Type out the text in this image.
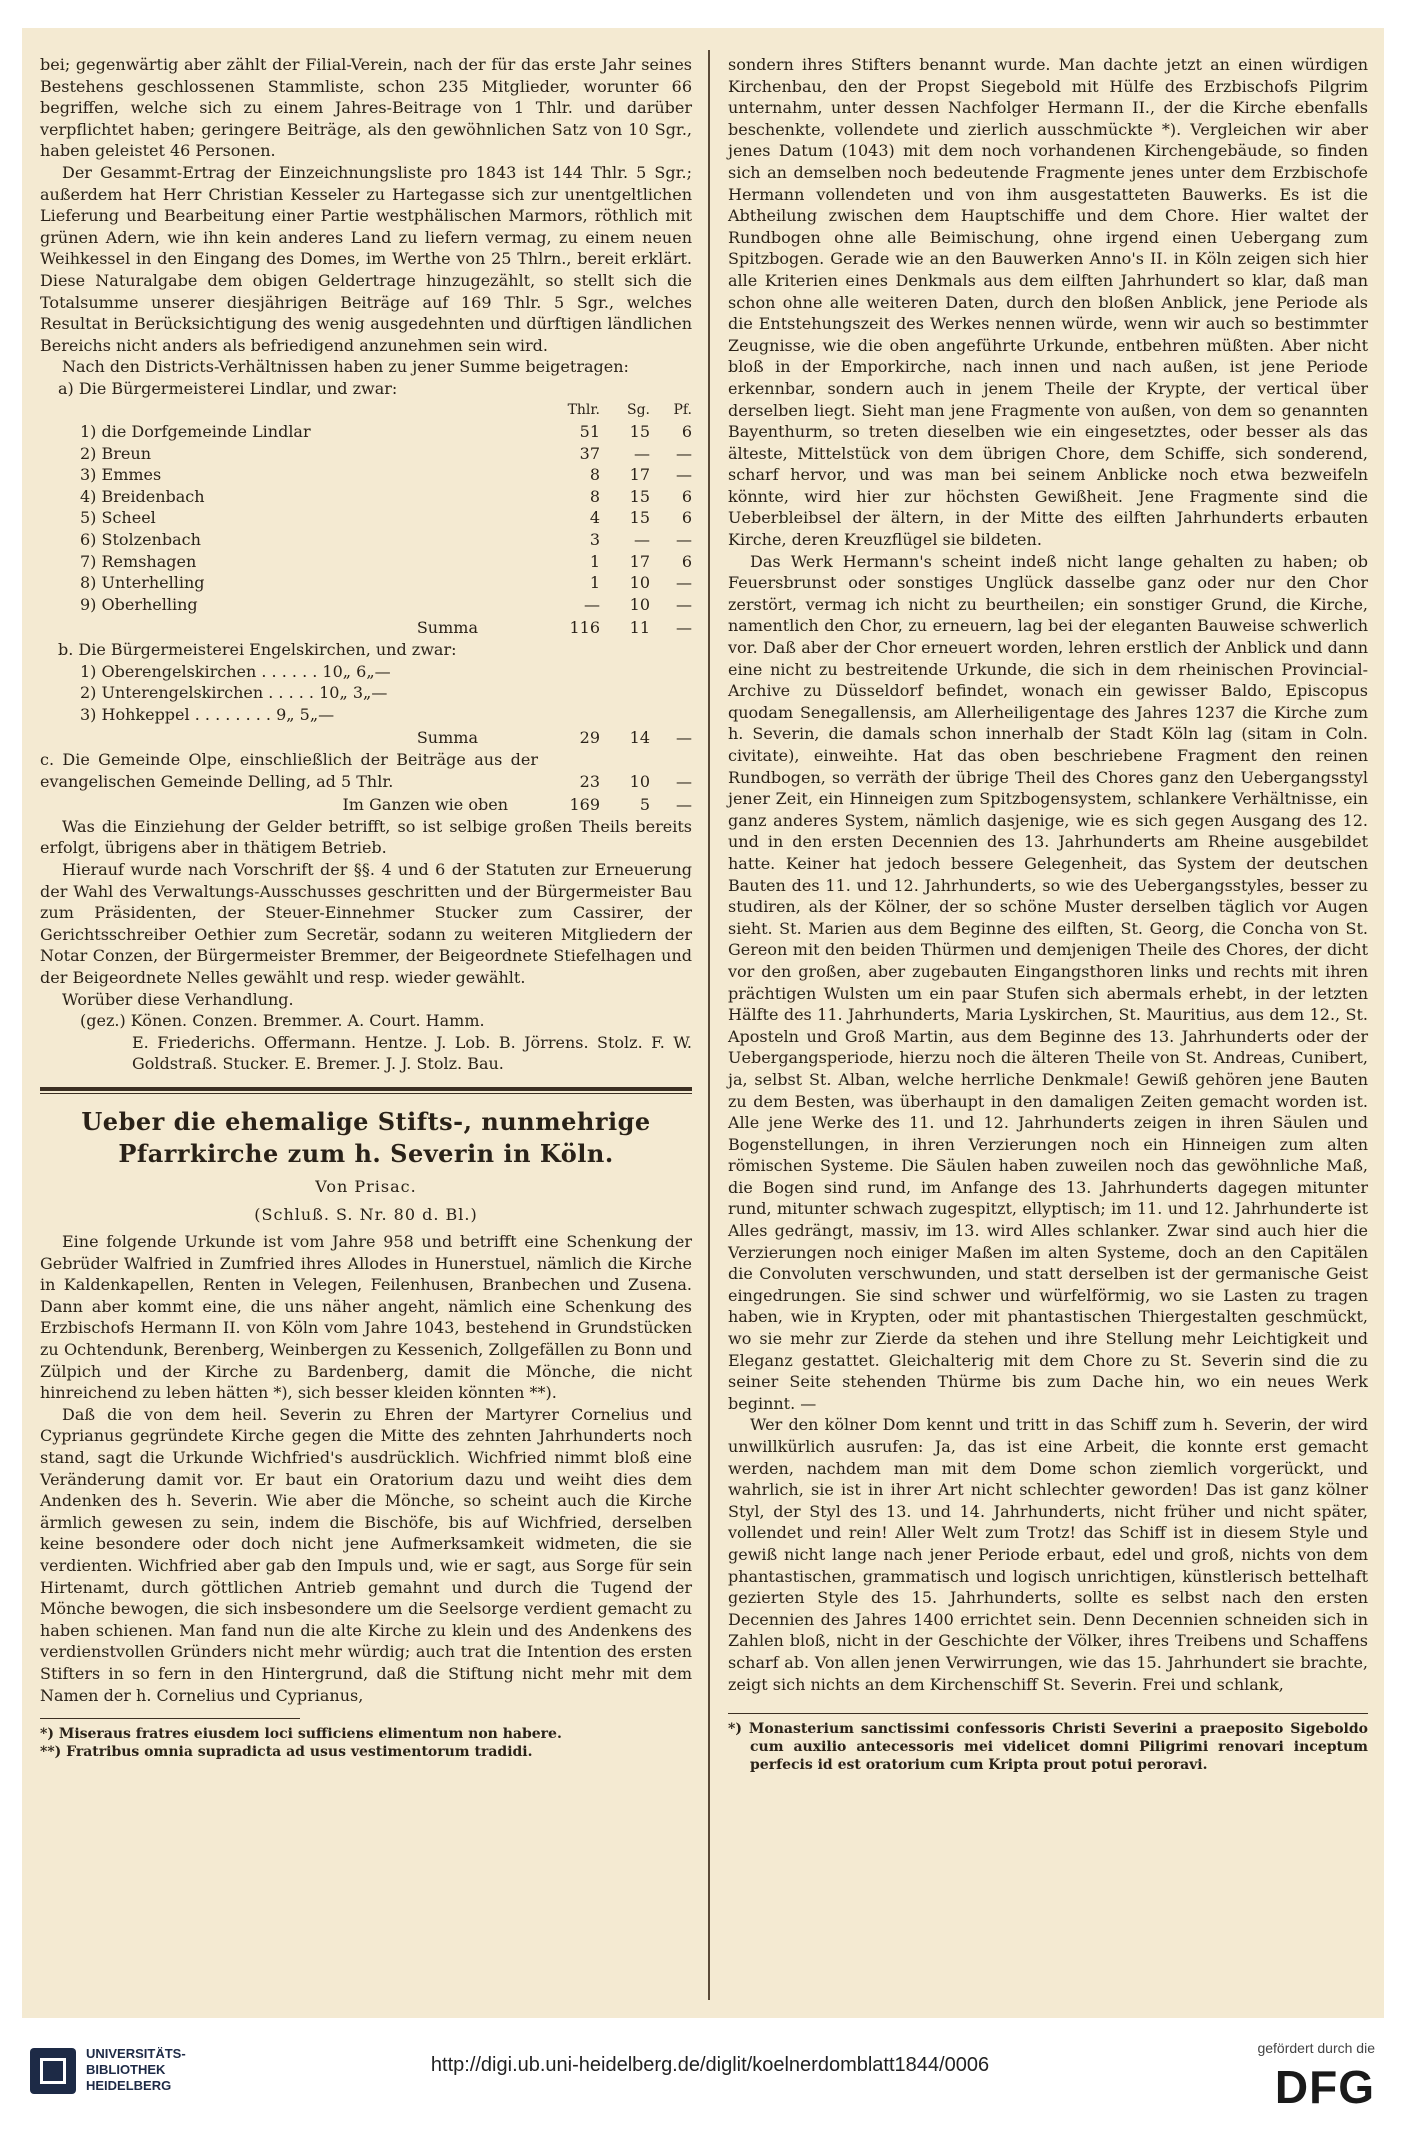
bei; gegenwärtig aber zählt der Filial-Verein, nach der für das erste Jahr seines Bestehens geschlossenen Stammliste, schon 235 Mitglieder, worunter 66 begriffen, welche sich zu einem Jahres-Beitrage von 1 Thlr. und darüber verpflichtet haben; geringere Beiträge, als den gewöhnlichen Satz von 10 Sgr., haben geleistet 46 Personen.

Der Gesammt-Ertrag der Einzeichnungsliste pro 1843 ist 144 Thlr. 5 Sgr.; außerdem hat Herr Christian Kesseler zu Hartegasse sich zur unentgeltlichen Lieferung und Bearbeitung einer Partie westphälischen Marmors, röthlich mit grünen Adern, wie ihn kein anderes Land zu liefern vermag, zu einem neuen Weihkessel in den Eingang des Domes, im Werthe von 25 Thlrn., bereit erklärt. Diese Naturalgabe dem obigen Geldertrage hinzugezählt, so stellt sich die Totalsumme unserer diesjährigen Beiträge auf 169 Thlr. 5 Sgr., welches Resultat in Berücksichtigung des wenig ausgedehnten und dürftigen ländlichen Bereichs nicht anders als befriedigend anzunehmen sein wird.

Nach den Districts-Verhältnissen haben zu jener Summe beigetragen:

a) Die Bürgermeisterei Lindlar, und zwar:

	Thlr.	Sg.	Pf.
1) die Dorfgemeinde Lindlar	51	15	6
2) Breun	37	—	—
3) Emmes	8	17	—
4) Breidenbach	8	15	6
5) Scheel	4	15	6
6) Stolzenbach	3	—	—
7) Remshagen	1	17	6
8) Unterhelling	1	10	—
9) Oberhelling	—	10	—
Summa	116	11	—

b. Die Bürgermeisterei Engelskirchen, und zwar:

1) Oberengelskirchen . . . . . . 10„ 6„—
2) Unterengelskirchen . . . . . 10„ 3„—
3) Hohkeppel . . . . . . . . 9„ 5„—
Summa	29	14	—
c. Die Gemeinde Olpe, einschließlich der Beiträge aus der evangelischen Gemeinde Delling, ad 5 Thlr.	23	10	—
Im Ganzen wie oben	169	5	—

Was die Einziehung der Gelder betrifft, so ist selbige großen Theils bereits erfolgt, übrigens aber in thätigem Betrieb.

Hierauf wurde nach Vorschrift der §§. 4 und 6 der Statuten zur Erneuerung der Wahl des Verwaltungs-Ausschusses geschritten und der Bürgermeister Bau zum Präsidenten, der Steuer-Einnehmer Stucker zum Cassirer, der Gerichtsschreiber Oethier zum Secretär, sodann zu weiteren Mitgliedern der Notar Conzen, der Bürgermeister Bremmer, der Beigeordnete Stiefelhagen und der Beigeordnete Nelles gewählt und resp. wieder gewählt.

Worüber diese Verhandlung.

(gez.) Könen. Conzen. Bremmer. A. Court. Hamm.

E. Friederichs. Offermann. Hentze. J. Lob. B. Jörrens. Stolz. F. W. Goldstraß. Stucker. E. Bremer. J. J. Stolz. Bau.

Ueber die ehemalige Stifts-, nunmehrige Pfarrkirche zum h. Severin in Köln.
Von Prisac.
(Schluß. S. Nr. 80 d. Bl.)

Eine folgende Urkunde ist vom Jahre 958 und betrifft eine Schenkung der Gebrüder Walfried in Zumfried ihres Allodes in Hunerstuel, nämlich die Kirche in Kaldenkapellen, Renten in Velegen, Feilenhusen, Branbechen und Zusena. Dann aber kommt eine, die uns näher angeht, nämlich eine Schenkung des Erzbischofs Hermann II. von Köln vom Jahre 1043, bestehend in Grundstücken zu Ochtendunk, Berenberg, Weinbergen zu Kessenich, Zollgefällen zu Bonn und Zülpich und der Kirche zu Bardenberg, damit die Mönche, die nicht hinreichend zu leben hätten *), sich besser kleiden könnten **).

Daß die von dem heil. Severin zu Ehren der Martyrer Cornelius und Cyprianus gegründete Kirche gegen die Mitte des zehnten Jahrhunderts noch stand, sagt die Urkunde Wichfried's ausdrücklich. Wichfried nimmt bloß eine Veränderung damit vor. Er baut ein Oratorium dazu und weiht dies dem Andenken des h. Severin. Wie aber die Mönche, so scheint auch die Kirche ärmlich gewesen zu sein, indem die Bischöfe, bis auf Wichfried, derselben keine besondere oder doch nicht jene Aufmerksamkeit widmeten, die sie verdienten. Wichfried aber gab den Impuls und, wie er sagt, aus Sorge für sein Hirtenamt, durch göttlichen Antrieb gemahnt und durch die Tugend der Mönche bewogen, die sich insbesondere um die Seelsorge verdient gemacht zu haben schienen. Man fand nun die alte Kirche zu klein und des Andenkens des verdienstvollen Gründers nicht mehr würdig; auch trat die Intention des ersten Stifters in so fern in den Hintergrund, daß die Stiftung nicht mehr mit dem Namen der h. Cornelius und Cyprianus,

*) Miseraus fratres eiusdem loci sufficiens elimentum non habere.
**) Fratribus omnia supradicta ad usus vestimentorum tradidi.

sondern ihres Stifters benannt wurde. Man dachte jetzt an einen würdigen Kirchenbau, den der Propst Siegebold mit Hülfe des Erzbischofs Pilgrim unternahm, unter dessen Nachfolger Hermann II., der die Kirche ebenfalls beschenkte, vollendete und zierlich ausschmückte *). Vergleichen wir aber jenes Datum (1043) mit dem noch vorhandenen Kirchengebäude, so finden sich an demselben noch bedeutende Fragmente jenes unter dem Erzbischofe Hermann vollendeten und von ihm ausgestatteten Bauwerks. Es ist die Abtheilung zwischen dem Hauptschiffe und dem Chore. Hier waltet der Rundbogen ohne alle Beimischung, ohne irgend einen Uebergang zum Spitzbogen. Gerade wie an den Bauwerken Anno's II. in Köln zeigen sich hier alle Kriterien eines Denkmals aus dem eilften Jahrhundert so klar, daß man schon ohne alle weiteren Daten, durch den bloßen Anblick, jene Periode als die Entstehungszeit des Werkes nennen würde, wenn wir auch so bestimmter Zeugnisse, wie die oben angeführte Urkunde, entbehren müßten. Aber nicht bloß in der Emporkirche, nach innen und nach außen, ist jene Periode erkennbar, sondern auch in jenem Theile der Krypte, der vertical über derselben liegt. Sieht man jene Fragmente von außen, von dem so genannten Bayenthurm, so treten dieselben wie ein eingesetztes, oder besser als das älteste, Mittelstück von dem übrigen Chore, dem Schiffe, sich sonderend, scharf hervor, und was man bei seinem Anblicke noch etwa bezweifeln könnte, wird hier zur höchsten Gewißheit. Jene Fragmente sind die Ueberbleibsel der ältern, in der Mitte des eilften Jahrhunderts erbauten Kirche, deren Kreuzflügel sie bildeten.

Das Werk Hermann's scheint indeß nicht lange gehalten zu haben; ob Feuersbrunst oder sonstiges Unglück dasselbe ganz oder nur den Chor zerstört, vermag ich nicht zu beurtheilen; ein sonstiger Grund, die Kirche, namentlich den Chor, zu erneuern, lag bei der eleganten Bauweise schwerlich vor. Daß aber der Chor erneuert worden, lehren erstlich der Anblick und dann eine nicht zu bestreitende Urkunde, die sich in dem rheinischen Provincial-Archive zu Düsseldorf befindet, wonach ein gewisser Baldo, Episcopus quodam Senegallensis, am Allerheiligentage des Jahres 1237 die Kirche zum h. Severin, die damals schon innerhalb der Stadt Köln lag (sitam in Coln. civitate), einweihte. Hat das oben beschriebene Fragment den reinen Rundbogen, so verräth der übrige Theil des Chores ganz den Uebergangsstyl jener Zeit, ein Hinneigen zum Spitzbogensystem, schlankere Verhältnisse, ein ganz anderes System, nämlich dasjenige, wie es sich gegen Ausgang des 12. und in den ersten Decennien des 13. Jahrhunderts am Rheine ausgebildet hatte. Keiner hat jedoch bessere Gelegenheit, das System der deutschen Bauten des 11. und 12. Jahrhunderts, so wie des Uebergangsstyles, besser zu studiren, als der Kölner, der so schöne Muster derselben täglich vor Augen sieht. St. Marien aus dem Beginne des eilften, St. Georg, die Concha von St. Gereon mit den beiden Thürmen und demjenigen Theile des Chores, der dicht vor den großen, aber zugebauten Eingangsthoren links und rechts mit ihren prächtigen Wulsten um ein paar Stufen sich abermals erhebt, in der letzten Hälfte des 11. Jahrhunderts, Maria Lyskirchen, St. Mauritius, aus dem 12., St. Aposteln und Groß Martin, aus dem Beginne des 13. Jahrhunderts oder der Uebergangsperiode, hierzu noch die älteren Theile von St. Andreas, Cunibert, ja, selbst St. Alban, welche herrliche Denkmale! Gewiß gehören jene Bauten zu dem Besten, was überhaupt in den damaligen Zeiten gemacht worden ist. Alle jene Werke des 11. und 12. Jahrhunderts zeigen in ihren Säulen und Bogenstellungen, in ihren Verzierungen noch ein Hinneigen zum alten römischen Systeme. Die Säulen haben zuweilen noch das gewöhnliche Maß, die Bogen sind rund, im Anfange des 13. Jahrhunderts dagegen mitunter rund, mitunter schwach zugespitzt, ellyptisch; im 11. und 12. Jahrhunderte ist Alles gedrängt, massiv, im 13. wird Alles schlanker. Zwar sind auch hier die Verzierungen noch einiger Maßen im alten Systeme, doch an den Capitälen die Convoluten verschwunden, und statt derselben ist der germanische Geist eingedrungen. Sie sind schwer und würfelförmig, wo sie Lasten zu tragen haben, wie in Krypten, oder mit phantastischen Thiergestalten geschmückt, wo sie mehr zur Zierde da stehen und ihre Stellung mehr Leichtigkeit und Eleganz gestattet. Gleichalterig mit dem Chore zu St. Severin sind die zu seiner Seite stehenden Thürme bis zum Dache hin, wo ein neues Werk beginnt. —

Wer den kölner Dom kennt und tritt in das Schiff zum h. Severin, der wird unwillkürlich ausrufen: Ja, das ist eine Arbeit, die konnte erst gemacht werden, nachdem man mit dem Dome schon ziemlich vorgerückt, und wahrlich, sie ist in ihrer Art nicht schlechter geworden! Das ist ganz kölner Styl, der Styl des 13. und 14. Jahrhunderts, nicht früher und nicht später, vollendet und rein! Aller Welt zum Trotz! das Schiff ist in diesem Style und gewiß nicht lange nach jener Periode erbaut, edel und groß, nichts von dem phantastischen, grammatisch und logisch unrichtigen, künstlerisch bettelhaft gezierten Style des 15. Jahrhunderts, sollte es selbst nach den ersten Decennien des Jahres 1400 errichtet sein. Denn Decennien schneiden sich in Zahlen bloß, nicht in der Geschichte der Völker, ihres Treibens und Schaffens scharf ab. Von allen jenen Verwirrungen, wie das 15. Jahrhundert sie brachte, zeigt sich nichts an dem Kirchenschiff St. Severin. Frei und schlank,

*) Monasterium sanctissimi confessoris Christi Severini a praeposito Sigeboldo cum auxilio antecessoris mei videlicet domni Piligrimi renovari inceptum perfecis id est oratorium cum Kripta prout potui peroravi.
UNIVERSITÄTS-
BIBLIOTHEK
HEIDELBERG
http://digi.ub.uni-heidelberg.de/diglit/koelnerdomblatt1844/0006
gefördert durch die
DFG
